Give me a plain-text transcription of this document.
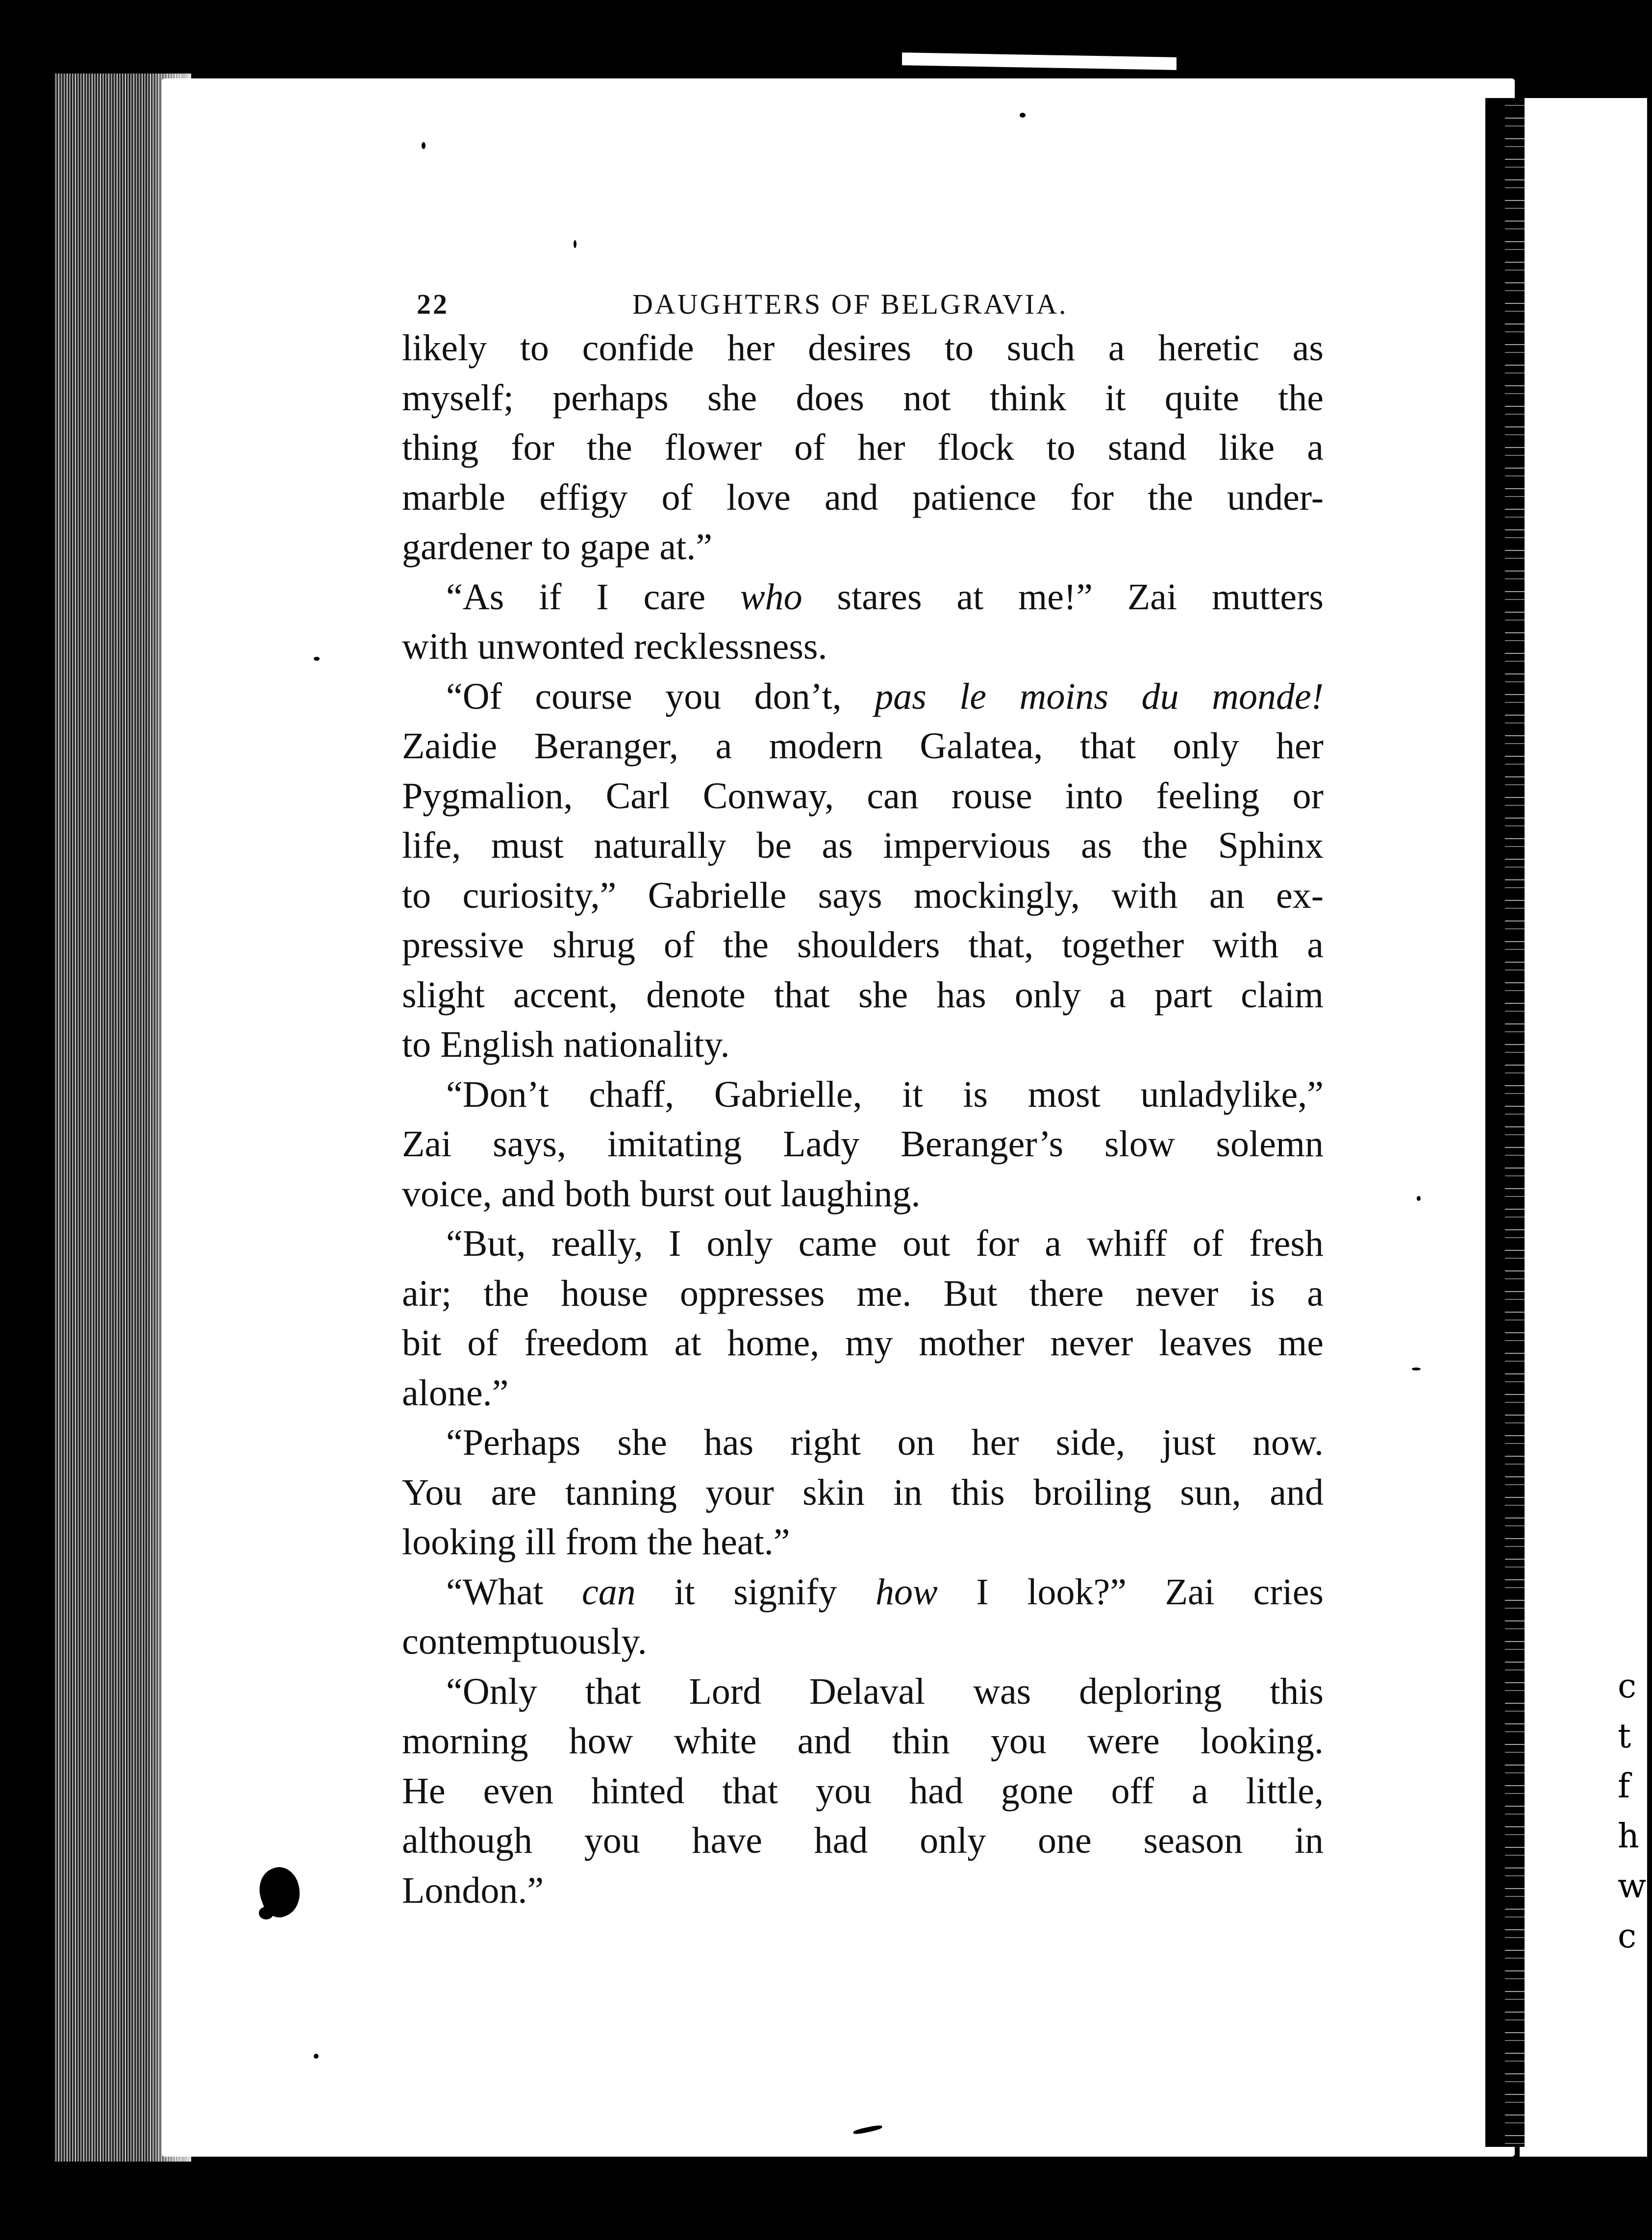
c
t
f
h
w
c
22	DAUGHTERS OF BELGRAVIA.
likely to confide her desires to such a heretic as
myself; perhaps she does not think it quite the
thing for the flower of her flock to stand like a
marble effigy of love and patience for the under-
gardener to gape at.”
“As if I care who stares at me!” Zai mutters
with unwonted recklessness.
“Of course you don’t, pas le moins du monde!
Zaidie Beranger, a modern Galatea, that only her
Pygmalion, Carl Conway, can rouse into feeling or
life, must naturally be as impervious as the Sphinx
to curiosity,” Gabrielle says mockingly, with an ex-
pressive shrug of the shoulders that, together with a
slight accent, denote that she has only a part claim
to English nationality.
“Don’t chaff, Gabrielle, it is most unladylike,”
Zai says, imitating Lady Beranger’s slow solemn
voice, and both burst out laughing.
“But, really, I only came out for a whiff of fresh
air; the house oppresses me. But there never is a
bit of freedom at home, my mother never leaves me
alone.”
“Perhaps she has right on her side, just now.
You are tanning your skin in this broiling sun, and
looking ill from the heat.”
“What can it signify how I look?” Zai cries
contemptuously.
“Only that Lord Delaval was deploring this
morning how white and thin you were looking.
He even hinted that you had gone off a little,
although you have had only one season in
London.”
